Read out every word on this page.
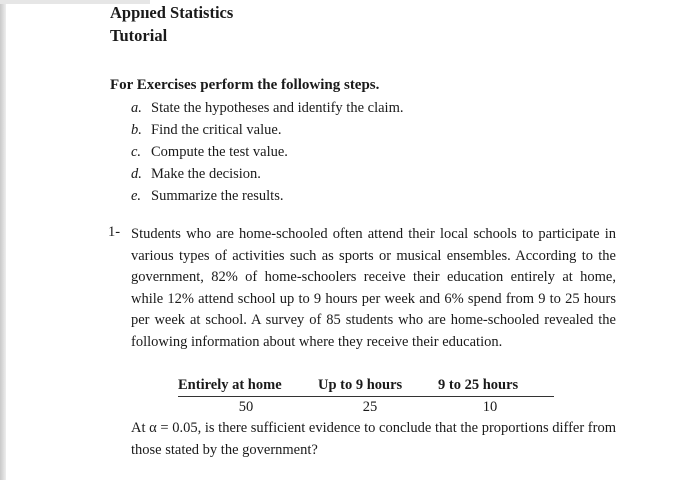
Appııed Statistics
Tutorial
For Exercises perform the following steps.
a. State the hypotheses and identify the claim.
b. Find the critical value.
c. Compute the test value.
d. Make the decision.
e. Summarize the results.
1- Students who are home-schooled often attend their local schools to participate in various types of activities such as sports or musical ensembles. According to the government, 82% of home-schoolers receive their education entirely at home, while 12% attend school up to 9 hours per week and 6% spend from 9 to 25 hours per week at school. A survey of 85 students who are home-schooled revealed the following information about where they receive their education.
Entirely at home	Up to 9 hours	9 to 25 hours
50	25	10
At α = 0.05, is there sufficient evidence to conclude that the proportions differ from those stated by the government?
